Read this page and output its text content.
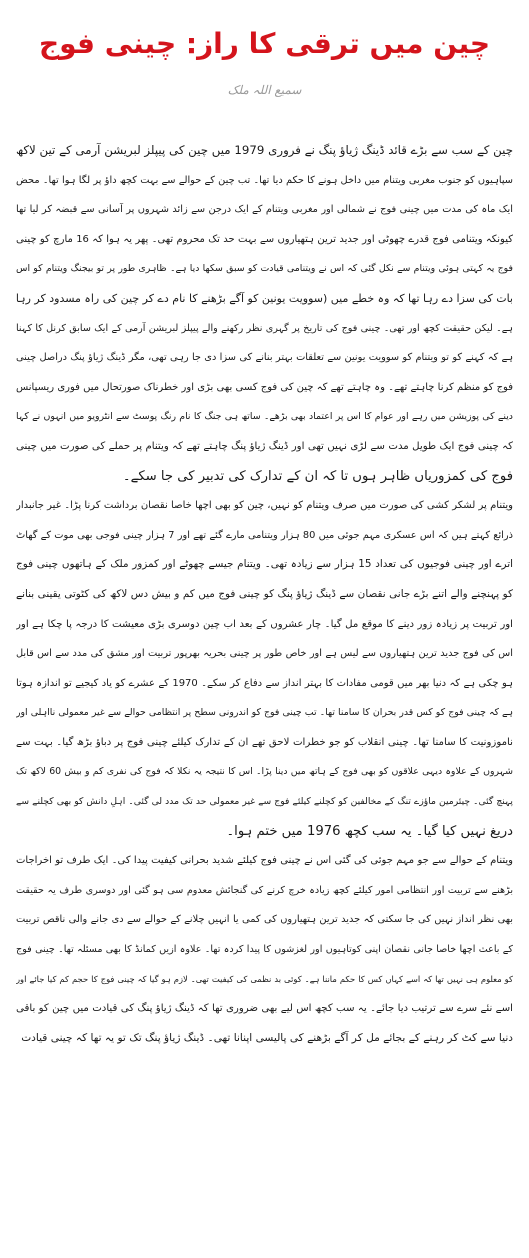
چین میں ترقی کا راز: چینی فوج
سمیع اللہ ملک
چین کے سب سے بڑے قائد ڈینگ ژیاؤ پنگ نے فروری 1979 میں چین کی پیپلز لبریشن آرمی کے تین لاکھ
سپاہیوں کو جنوب مغربی ویتنام میں داخل ہونے کا حکم دیا تھا۔ تب چین کے حوالے سے بہت کچھ داؤ پر لگا ہوا تھا۔ محض
ایک ماہ کی مدت میں چینی فوج نے شمالی اور مغربی ویتنام کے ایک درجن سے زائد شہروں پر آسانی سے قبضہ کر لیا تھا
کیونکہ ویتنامی فوج قدرے چھوٹی اور جدید ترین ہتھیاروں سے بہت حد تک محروم تھی۔ پھر یہ ہوا کہ 16 مارچ کو چینی
فوج یہ کہتی ہوئی ویتنام سے نکل گئی کہ اس نے ویتنامی قیادت کو سبق سکھا دیا ہے۔ ظاہری طور پر تو بیجنگ ویتنام کو اس
بات کی سزا دے رہا تھا کہ وہ خطے میں (سوویت یونین کو آگے بڑھنے کا نام دے کر چین کی راہ مسدود کر رہا
ہے۔ لیکن حقیقت کچھ اور تھی۔ چینی فوج کی تاریخ پر گہری نظر رکھنے والے پیپلز لبریشن آرمی کے ایک سابق کرنل کا کہنا
ہے کہ کہنے کو تو ویتنام کو سوویت یونین سے تعلقات بہتر بنانے کی سزا دی جا رہی تھی، مگر ڈینگ ژیاؤ پنگ دراصل چینی
فوج کو منظم کرنا چاہتے تھے۔ وہ چاہتے تھے کہ چین کی فوج کسی بھی بڑی اور خطرناک صورتحال میں فوری ریسپانس
دینے کی پوزیشن میں رہے اور عوام کا اس پر اعتماد بھی بڑھے۔ ساتھ ہی جنگ کا نام رنگ پوسٹ سے انٹرویو میں انہوں نے کہا
کہ چینی فوج ایک طویل مدت سے لڑی نہیں تھی اور ڈینگ ژیاؤ پنگ چاہتے تھے کہ ویتنام پر حملے کی صورت میں چینی
فوج کی کمزوریاں ظاہر ہوں تا کہ ان کے تدارک کی تدبیر کی جا سکے۔
ویتنام پر لشکر کشی کی صورت میں صرف ویتنام کو نہیں، چین کو بھی اچھا خاصا نقصان برداشت کرنا پڑا۔ غیر جانبدار
ذرائع کہتے ہیں کہ اس عسکری مہم جوئی میں 80 ہزار ویتنامی مارے گئے تھے اور 7 ہزار چینی فوجی بھی موت کے گھاٹ
اترے اور چینی فوجیوں کی تعداد 15 ہزار سے زیادہ تھی۔ ویتنام جیسے چھوٹے اور کمزور ملک کے ہاتھوں چینی فوج
کو پہنچنے والے اتنے بڑے جانی نقصان سے ڈینگ ژیاؤ پنگ کو چینی فوج میں کم و بیش دس لاکھ کی کٹوتی یقینی بنانے
اور تربیت پر زیادہ زور دینے کا موقع مل گیا۔ چار عشروں کے بعد اب چین دوسری بڑی معیشت کا درجہ پا چکا ہے اور
اس کی فوج جدید ترین ہتھیاروں سے لیس ہے اور خاص طور پر چینی بحریہ بھرپور تربیت اور مشق کی مدد سے اس قابل
ہو چکی ہے کہ دنیا بھر میں قومی مفادات کا بہتر انداز سے دفاع کر سکے۔ 1970 کے عشرے کو یاد کیجیے تو اندازہ ہوتا
ہے کہ چینی فوج کو کس قدر بحران کا سامنا تھا۔ تب چینی فوج کو اندرونی سطح پر انتظامی حوالے سے غیر معمولی نااہلی اور
ناموزونیت کا سامنا تھا۔ چینی انقلاب کو جو خطرات لاحق تھے ان کے تدارک کیلئے چینی فوج پر دباؤ بڑھ گیا۔ بہت سے
شہروں کے علاوہ دیہی علاقوں کو بھی فوج کے ہاتھ میں دینا پڑا۔ اس کا نتیجہ یہ نکلا کہ فوج کی نفری کم و بیش 60 لاکھ تک
پہنچ گئی۔ چیئرمین ماؤزے تنگ کے مخالفین کو کچلنے کیلئے فوج سے غیر معمولی حد تک مدد لی گئی۔ اہلِ دانش کو بھی کچلنے سے
دریغ نہیں کیا گیا۔ یہ سب کچھ 1976 میں ختم ہوا۔
ویتنام کے حوالے سے جو مہم جوئی کی گئی اس نے چینی فوج کیلئے شدید بحرانی کیفیت پیدا کی۔ ایک طرف تو اخراجات
بڑھنے سے تربیت اور انتظامی امور کیلئے کچھ زیادہ خرچ کرنے کی گنجائش معدوم سی ہو گئی اور دوسری طرف یہ حقیقت
بھی نظر انداز نہیں کی جا سکتی کہ جدید ترین ہتھیاروں کی کمی یا انہیں چلانے کے حوالے سے دی جانے والی ناقص تربیت
کے باعث اچھا خاصا جانی نقصان اپنی کوتاہیوں اور لغزشوں کا پیدا کردہ تھا۔ علاوہ ازیں کمانڈ کا بھی مسئلہ تھا۔ چینی فوج
کو معلوم ہی نہیں تھا کہ اسے کہاں کس کا حکم ماننا ہے۔ کوئی بد نظمی کی کیفیت تھی۔ لازم ہو گیا کہ چینی فوج کا حجم کم کیا جائے اور
اسے نئے سرے سے ترتیب دیا جائے۔ یہ سب کچھ اس لیے بھی ضروری تھا کہ ڈینگ ژیاؤ پنگ کی قیادت میں چین کو باقی
دنیا سے کٹ کر رہنے کے بجائے مل کر آگے بڑھنے کی پالیسی اپنانا تھی۔ ڈینگ ژیاؤ پنگ تک تو یہ تھا کہ چینی قیادت
